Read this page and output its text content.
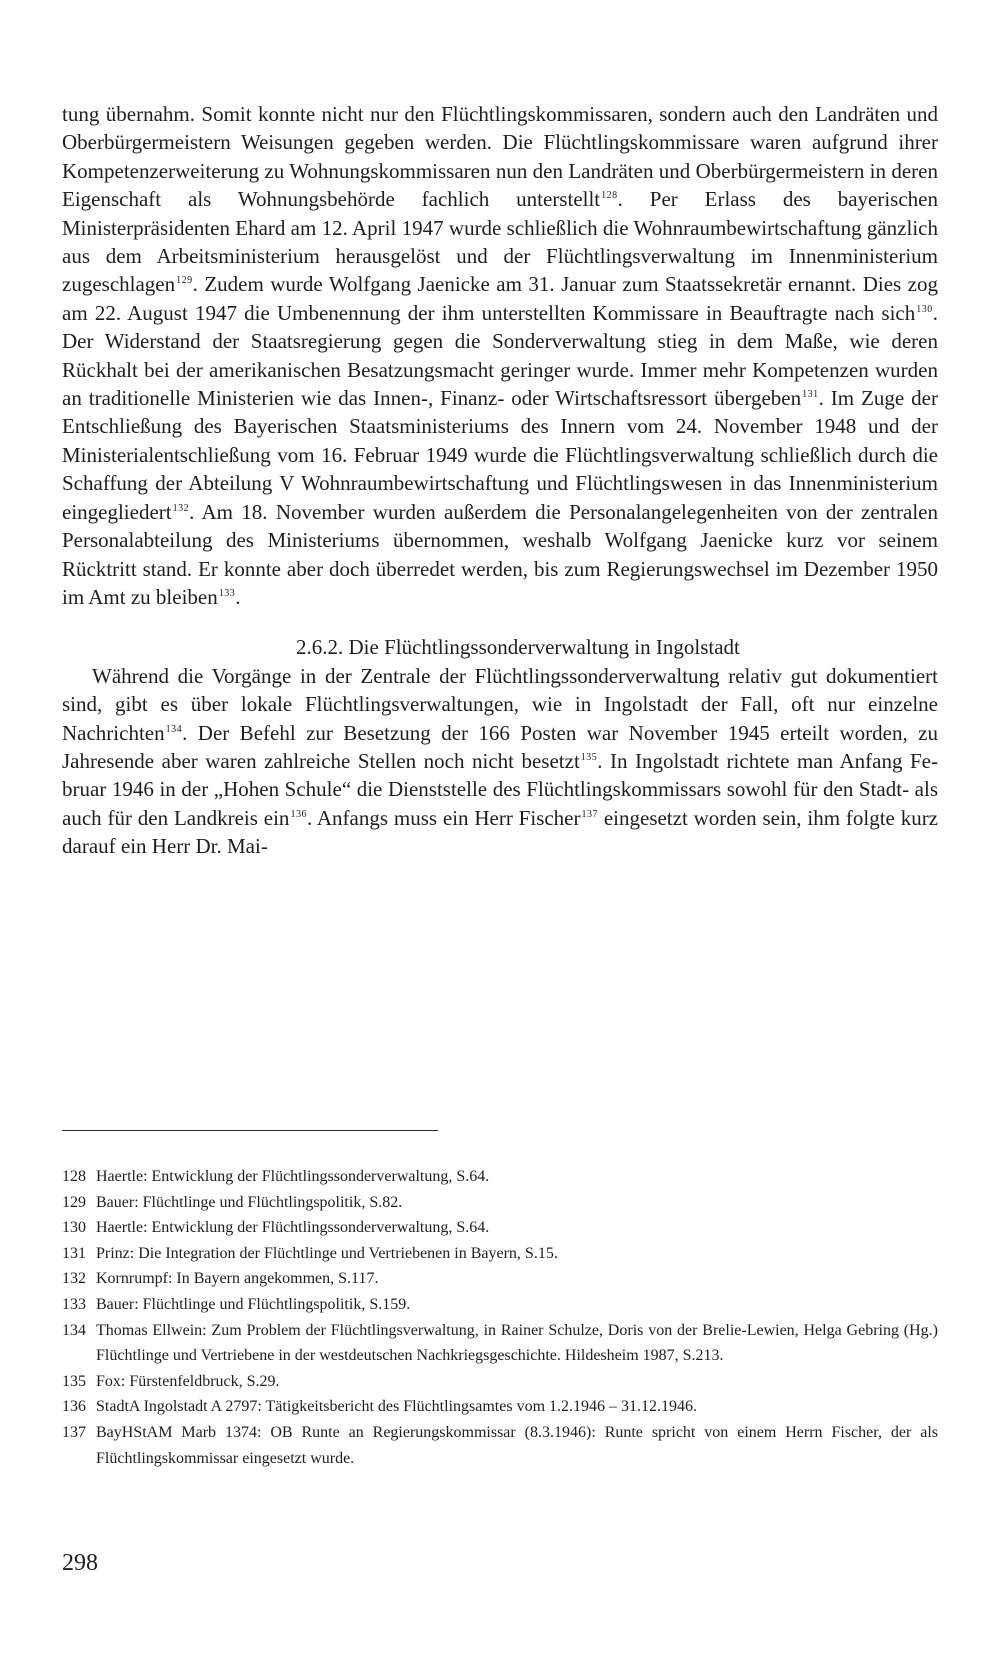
tung übernahm. Somit konnte nicht nur den Flüchtlingskommissaren, sondern auch den Landräten und Oberbürgermeistern Weisungen gegeben werden. Die Flüchtlingskommissare waren aufgrund ihrer Kompetenzerweiterung zu Wohnungskommissaren nun den Landräten und Oberbürgermeistern in deren Eigenschaft als Wohnungsbehörde fachlich unterstellt$^{128}$. Per Erlass des bayerischen Ministerpräsidenten Ehard am 12. April 1947 wurde schließlich die Wohnraumbewirtschaftung gänzlich aus dem Arbeitsministerium herausgelöst und der Flüchtlingsverwaltung im Innenministerium zugeschlagen$^{129}$. Zudem wurde Wolfgang Jaenicke am 31. Januar zum Staatssekretär ernannt. Dies zog am 22. August 1947 die Umbenennung der ihm unterstellten Kommissare in Beauftragte nach sich$^{130}$. Der Widerstand der Staatsregierung gegen die Sonderverwaltung stieg in dem Maße, wie deren Rückhalt bei der amerikanischen Besatzungsmacht geringer wurde. Immer mehr Kompetenzen wurden an traditionelle Ministerien wie das Innen-, Finanz- oder Wirtschaftsressort übergeben$^{131}$. Im Zuge der Entschließung des Bayerischen Staatsministeriums des Innern vom 24. November 1948 und der Ministerialentschließung vom 16. Februar 1949 wurde die Flüchtlingsverwaltung schließlich durch die Schaffung der Abteilung V Wohnraumbewirtschaftung und Flüchtlingswesen in das Innenministerium eingegliedert$^{132}$. Am 18. November wurden außerdem die Personalangelegenheiten von der zentralen Personalabteilung des Ministeriums übernommen, weshalb Wolfgang Jaenicke kurz vor seinem Rücktritt stand. Er konnte aber doch überredet werden, bis zum Regierungswechsel im Dezember 1950 im Amt zu bleiben$^{133}$.

2.6.2. Die Flüchtlingssonderverwaltung in Ingolstadt

Während die Vorgänge in der Zentrale der Flüchtlingssonderverwaltung relativ gut dokumentiert sind, gibt es über lokale Flüchtlingsverwaltungen, wie in Ingolstadt der Fall, oft nur einzelne Nachrichten$^{134}$. Der Befehl zur Besetzung der 166 Posten war November 1945 erteilt worden, zu Jahresende aber waren zahlreiche Stellen noch nicht besetzt$^{135}$. In Ingolstadt richtete man Anfang Februar 1946 in der „Hohen Schule“ die Dienststelle des Flüchtlingskommissars sowohl für den Stadt- als auch für den Landkreis ein$^{136}$. Anfangs muss ein Herr Fischer$^{137}$ eingesetzt worden sein, ihm folgte kurz darauf ein Herr Dr. Mai-

128 Haertle: Entwicklung der Flüchtlingssonderverwaltung, S.64.
129 Bauer: Flüchtlinge und Flüchtlingspolitik, S.82.
130 Haertle: Entwicklung der Flüchtlingssonderverwaltung, S.64.
131 Prinz: Die Integration der Flüchtlinge und Vertriebenen in Bayern, S.15.
132 Kornrumpf: In Bayern angekommen, S.117.
133 Bauer: Flüchtlinge und Flüchtlingspolitik, S.159.
134 Thomas Ellwein: Zum Problem der Flüchtlingsverwaltung, in Rainer Schulze, Doris von der Brelie-Lewien, Helga Gebring (Hg.) Flüchtlinge und Vertriebene in der westdeutschen Nachkriegsgeschichte. Hildesheim 1987, S.213.
135 Fox: Fürstenfeldbruck, S.29.
136 StadtA Ingolstadt A 2797: Tätigkeitsbericht des Flüchtlingsamtes vom 1.2.1946 – 31.12.1946.
137 BayHStAM Marb 1374: OB Runte an Regierungskommissar (8.3.1946): Runte spricht von einem Herrn Fischer, der als Flüchtlingskommissar eingesetzt wurde.
298
